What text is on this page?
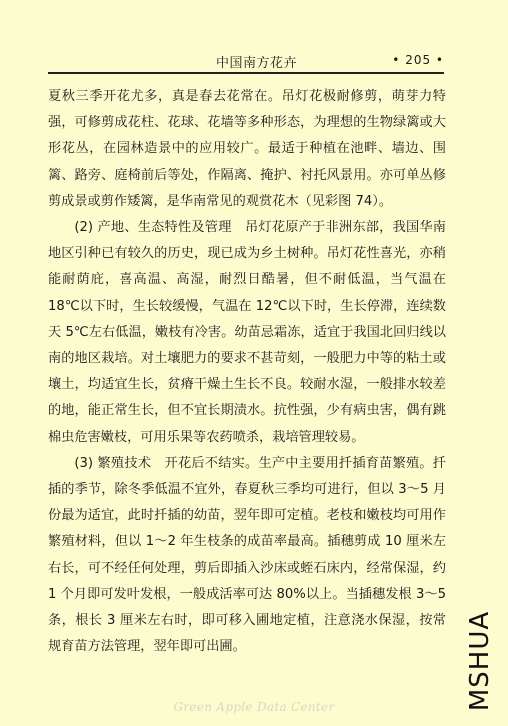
中国南方花卉	• 205 •

夏秋三季开花尤多，真是春去花常在。吊灯花极耐修剪，萌芽力特强，可修剪成花柱、花球、花墙等多种形态，为理想的生物绿篱或大形花丛，在园林造景中的应用较广。最适于种植在池畔、墙边、围篱、路旁、庭椅前后等处，作隔离、掩护、衬托风景用。亦可单丛修剪成景或剪作矮篱，是华南常见的观赏花木（见彩图 74）。

(2) 产地、生态特性及管理　吊灯花原产于非洲东部，我国华南地区引种已有较久的历史，现已成为乡土树种。吊灯花性喜光，亦稍能耐荫庇，喜高温、高湿，耐烈日酷暑，但不耐低温，当气温在 18℃以下时，生长较缓慢，气温在 12℃以下时，生长停滞，连续数天 5℃左右低温，嫩枝有冷害。幼苗忌霜冻，适宜于我国北回归线以南的地区栽培。对土壤肥力的要求不甚苛刻，一般肥力中等的粘土或壤土，均适宜生长，贫瘠干燥土生长不良。较耐水湿，一般排水较差的地，能正常生长，但不宜长期渍水。抗性强，少有病虫害，偶有跳棉虫危害嫩枝，可用乐果等农药喷杀，栽培管理较易。

(3) 繁殖技术　开花后不结实。生产中主要用扦插育苗繁殖。扦插的季节，除冬季低温不宜外，春夏秋三季均可进行，但以 3～5 月份最为适宜，此时扦插的幼苗，翌年即可定植。老枝和嫩枝均可用作繁殖材料，但以 1～2 年生枝条的成苗率最高。插穗剪成 10 厘米左右长，可不经任何处理，剪后即插入沙床或蛭石床内，经常保湿，约 1 个月即可发叶发根，一般成活率可达 80%以上。当插穗发根 3～5 条，根长 3 厘米左右时，即可移入圃地定植，注意浇水保湿，按常规育苗方法管理，翌年即可出圃。

Green Apple Data Center	MSHUA
